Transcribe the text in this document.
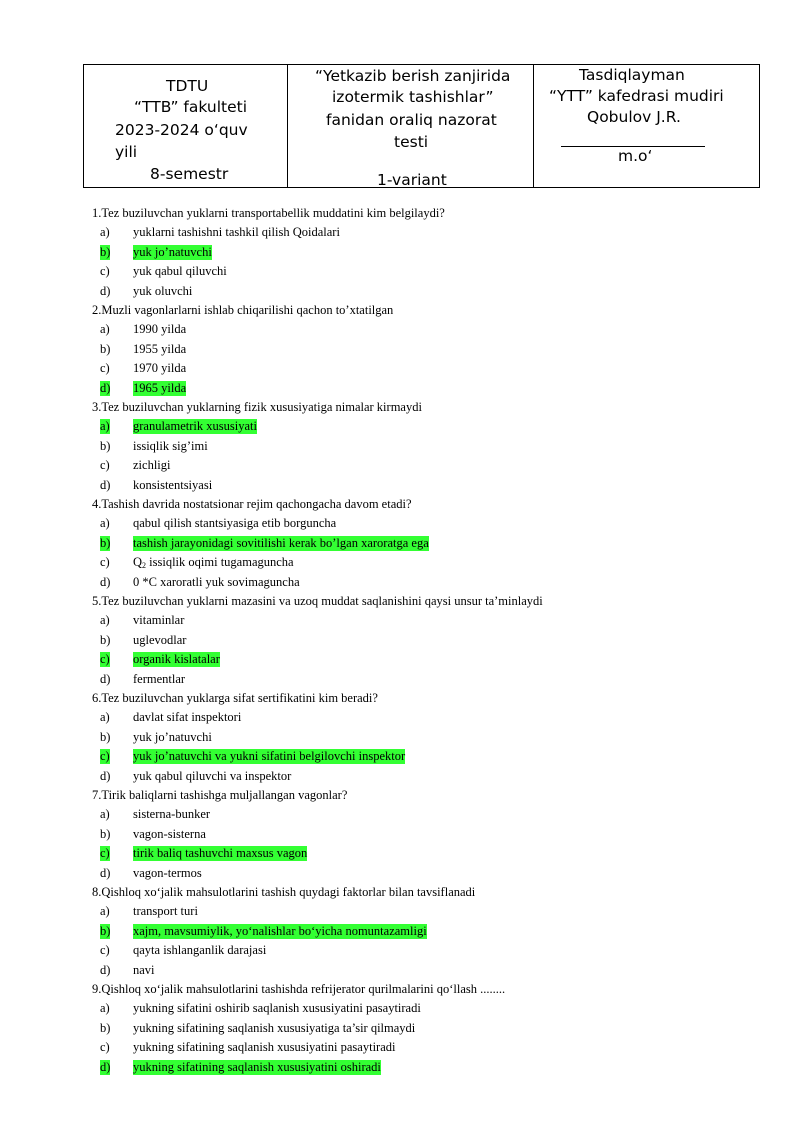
TDTU
“TTB” fakulteti
2023-2024 o‘quv
yili
8-semestr
“Yetkazib berish zanjirida
izotermik tashishlar”
fanidan oraliq nazorat
testi
1-variant
Tasdiqlayman
“YTT” kafedrasi mudiri
Qobulov J.R.
m.o‘
1.Tez buziluvchan yuklarni transportabellik muddatini kim belgilaydi?
a) yuklarni tashishni tashkil qilish Qoidalari
b) yuk jo’natuvchi
c) yuk qabul qiluvchi
d) yuk oluvchi
2.Muzli vagonlarlarni ishlab chiqarilishi qachon to’xtatilgan
a) 1990 yilda
b) 1955 yilda
c) 1970 yilda
d) 1965 yilda
3.Tez buziluvchan yuklarning fizik xususiyatiga nimalar kirmaydi
a) granulametrik xususiyati
b) issiqlik sig’imi
c) zichligi
d) konsistentsiyasi
4.Tashish davrida nostatsionar rejim qachongacha davom etadi?
a) qabul qilish stantsiyasiga etib borguncha
b) tashish jarayonidagi sovitilishi kerak bo’lgan xaroratga ega
c) $Q_2$ issiqlik oqimi tugamaguncha
d) 0 *C xaroratli yuk sovimaguncha
5.Tez buziluvchan yuklarni mazasini va uzoq muddat saqlanishini qaysi unsur ta’minlaydi
a) vitaminlar
b) uglevodlar
c) organik kislatalar
d) fermentlar
6.Tez buziluvchan yuklarga sifat sertifikatini kim beradi?
a) davlat sifat inspektori
b) yuk jo’natuvchi
c) yuk jo’natuvchi va yukni sifatini belgilovchi inspektor
d) yuk qabul qiluvchi va inspektor
7.Tirik baliqlarni tashishga muljallangan vagonlar?
a) sisterna-bunker
b) vagon-sisterna
c) tirik baliq tashuvchi maxsus vagon
d) vagon-termos
8.Qishloq xo‘jalik mahsulotlarini tashish quydagi faktorlar bilan tavsiflanadi
a) transport turi
b) xajm, mavsumiylik, yo‘nalishlar bo‘yicha nomuntazamligi
c) qayta ishlanganlik darajasi
d) navi
9.Qishloq xo‘jalik mahsulotlarini tashishda refrijerator qurilmalarini qo‘llash ........
a) yukning sifatini oshirib saqlanish xususiyatini pasaytiradi
b) yukning sifatining saqlanish xususiyatiga ta’sir qilmaydi
c) yukning sifatining saqlanish xususiyatini pasaytiradi
d) yukning sifatining saqlanish xususiyatini oshiradi
